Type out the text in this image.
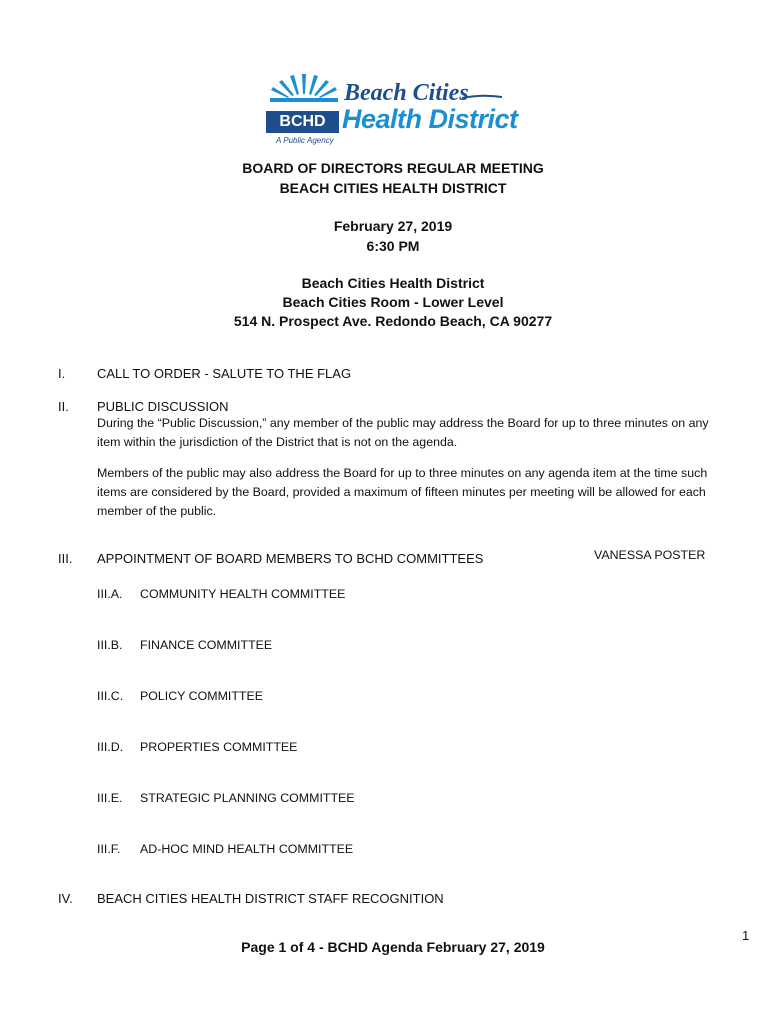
Beach Cities
BCHD Health District
A Public Agency
BOARD OF DIRECTORS REGULAR MEETING
BEACH CITIES HEALTH DISTRICT
February 27, 2019
6:30 PM
Beach Cities Health District
Beach Cities Room - Lower Level
514 N. Prospect Ave. Redondo Beach, CA 90277
I. CALL TO ORDER - SALUTE TO THE FLAG
II. PUBLIC DISCUSSION
During the “Public Discussion,” any member of the public may address the Board for up to three minutes on any item within the jurisdiction of the District that is not on the agenda.
Members of the public may also address the Board for up to three minutes on any agenda item at the time such items are considered by the Board, provided a maximum of fifteen minutes per meeting will be allowed for each member of the public.
III. APPOINTMENT OF BOARD MEMBERS TO BCHD COMMITTEES	VANESSA POSTER
III.A. COMMUNITY HEALTH COMMITTEE
III.B. FINANCE COMMITTEE
III.C. POLICY COMMITTEE
III.D. PROPERTIES COMMITTEE
III.E. STRATEGIC PLANNING COMMITTEE
III.F. AD-HOC MIND HEALTH COMMITTEE
IV. BEACH CITIES HEALTH DISTRICT STAFF RECOGNITION
1
Page 1 of 4 - BCHD Agenda February 27, 2019
